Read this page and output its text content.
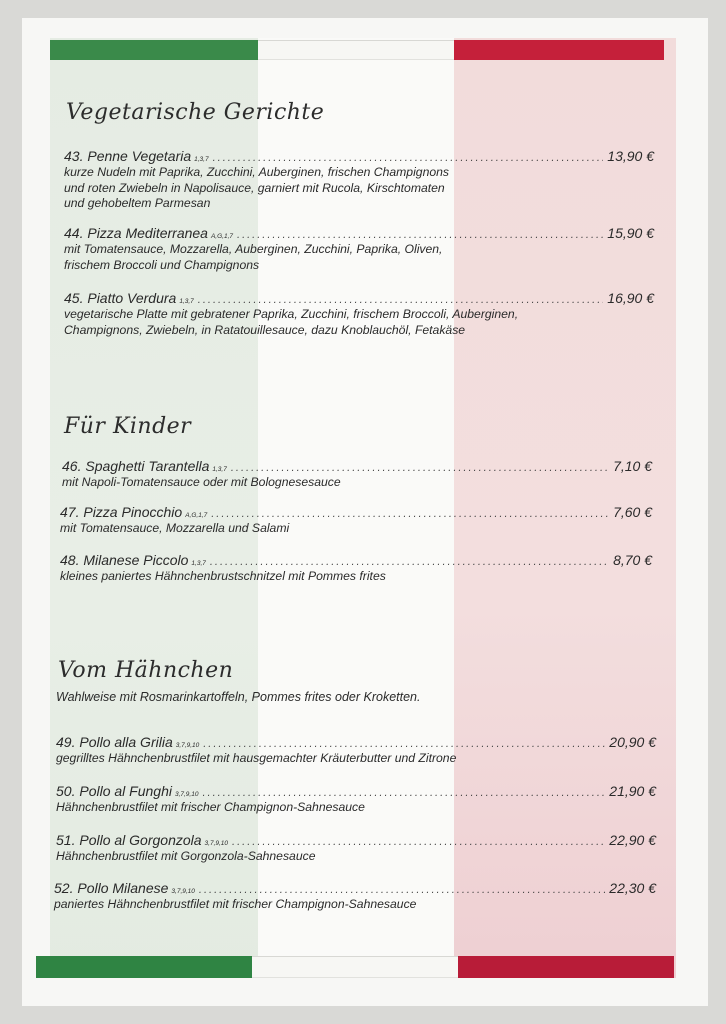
Vegetarische Gerichte
43. Penne Vegetaria $_{1,3,7}$ .....	13,90 €
kurze Nudeln mit Paprika, Zucchini, Auberginen, frischen Champignons
und roten Zwiebeln in Napolisauce, garniert mit Rucola, Kirschtomaten
und gehobeltem Parmesan
44. Pizza Mediterranea $_{A,G,1,7}$ .....	15,90 €
mit Tomatensauce, Mozzarella, Auberginen, Zucchini, Paprika, Oliven,
frischem Broccoli und Champignons
45. Piatto Verdura $_{1,3,7}$ .....	16,90 €
vegetarische Platte mit gebratener Paprika, Zucchini, frischem Broccoli, Auberginen,
Champignons, Zwiebeln, in Ratatouillesauce, dazu Knoblauchöl, Fetakäse
Für Kinder
46. Spaghetti Tarantella $_{1,3,7}$ .....	7,10 €
mit Napoli-Tomatensauce oder mit Bolognesesauce
47. Pizza Pinocchio $_{A,G,1,7}$ .....	7,60 €
mit Tomatensauce, Mozzarella und Salami
48. Milanese Piccolo $_{1,3,7}$ .....	8,70 €
kleines paniertes Hähnchenbrustschnitzel mit Pommes frites
Vom Hähnchen
Wahlweise mit Rosmarinkartoffeln, Pommes frites oder Kroketten.
49. Pollo alla Grilia $_{3,7,9,10}$ .....	20,90 €
gegrilltes Hähnchenbrustfilet mit hausgemachter Kräuterbutter und Zitrone
50. Pollo al Funghi $_{3,7,9,10}$ .....	21,90 €
Hähnchenbrustfilet mit frischer Champignon-Sahnesauce
51. Pollo al Gorgonzola $_{3,7,9,10}$ .....	22,90 €
Hähnchenbrustfilet mit Gorgonzola-Sahnesauce
52. Pollo Milanese $_{3,7,9,10}$ .....	22,30 €
paniertes Hähnchenbrustfilet mit frischer Champignon-Sahnesauce
